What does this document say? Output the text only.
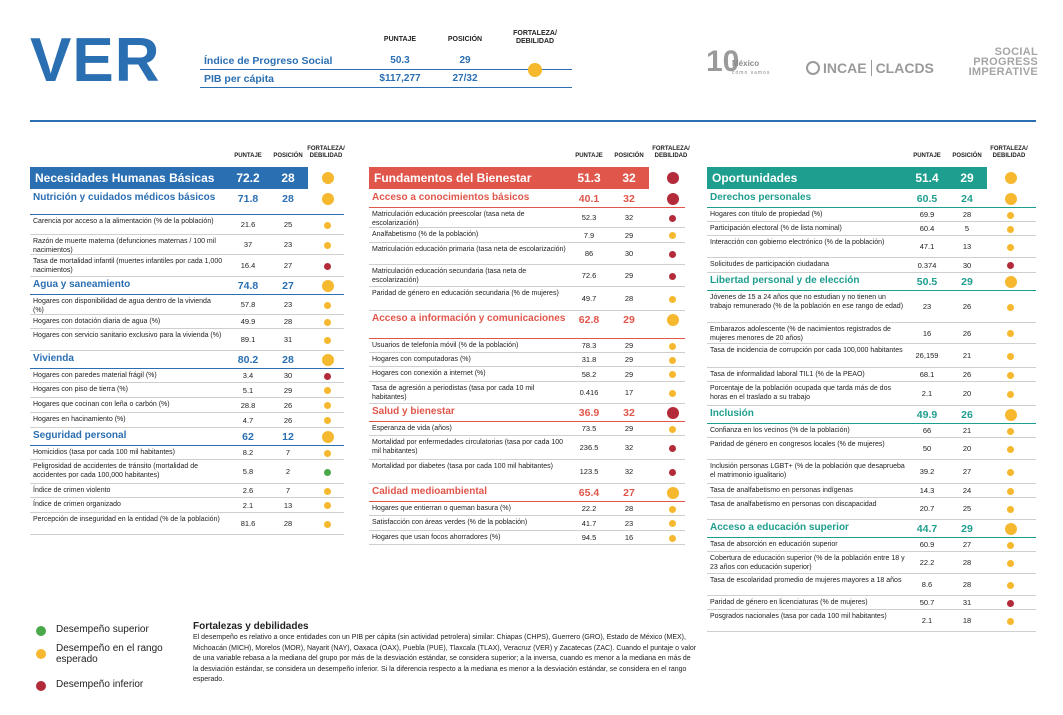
VER	PUNTAJE	POSICIÓN
FORTALEZA/ DEBILIDAD
Índice de Progreso Social	50.3	29
PIB per cápita	$117,277	27/32
10
México
cómo vamos	INCAE CLACDS
SOCIAL
PROGRESS
IMPERATIVE
PUNTAJE	POSICIÓN
FORTALEZA/ DEBILIDAD
Necesidades Humanas Básicas	72.2	28
Nutrición y cuidados médicos básicos	71.8	28
Carencia por acceso a la alimentación (% de la población)	21.6	25
Razón de muerte materna (defunciones maternas / 100 mil nacimientos)
37	23
Tasa de mortalidad infantil (muertes infantiles por cada 1,000 nacimientos)
16.4	27
Agua y saneamiento	74.8	27
Hogares con disponibilidad de agua dentro de la vivienda (%)
57.8	23
Hogares con dotación diaria de agua (%)	49.9	28
Hogares con servicio sanitario exclusivo para la vivienda (%)	89.1	31
Vivienda	80.2	28
Hogares con paredes material frágil (%)	3.4	30
Hogares con piso de tierra (%)	5.1	29
Hogares que cocinan con leña o carbón (%)	28.8	26
Hogares en hacinamiento (%)	4.7	26
Seguridad personal	62	12
Homicidios (tasa por cada 100 mil habitantes)	8.2	7
Peligrosidad de accidentes de tránsito (mortalidad de accidentes por cada 100,000 habitantes)	5.8	2
Índice de crimen violento	2.6	7
Índice de crimen organizado	2.1	13
Percepción de inseguridad en la entidad (% de la población)	81.6	28
PUNTAJE	POSICIÓN
FORTALEZA/ DEBILIDAD
Fundamentos del Bienestar	51.3	32
Acceso a conocimientos básicos	40.1	32
Matriculación educación preescolar (tasa neta de escolarización)
52.3	32
Analfabetismo (% de la población)	7.9	29
Matriculación educación primaria (tasa neta de escolarización)	86	30
Matriculación educación secundaria (tasa neta de escolarización)
72.6	29
Paridad de género en educación secundaria (% de mujeres)
49.7	28
Acceso a información y comunicaciones	62.8	29
Usuarios de telefonía móvil (% de la población)	78.3	29
Hogares con computadoras (%)	31.8	29
Hogares con conexión a internet (%)	58.2	29
Tasa de agresión a periodistas (tasa por cada 10 mil habitantes)
0.416	17
Salud y bienestar	36.9	32
Esperanza de vida (años)	73.5	29
Mortalidad por enfermedades circulatorias (tasa por cada 100 mil habitantes)	236.5	32
Mortalidad por diabetes (tasa por cada 100 mil habitantes)
123.5	32
Calidad medioambiental	65.4	27
Hogares que entierran o queman basura (%)	22.2	28
Satisfacción con áreas verdes (% de la población)	41.7	23
Hogares que usan focos ahorradores (%)	94.5	16
PUNTAJE	POSICIÓN
FORTALEZA/ DEBILIDAD
Oportunidades	51.4	29
Derechos personales	60.5	24
Hogares con título de propiedad (%)	69.9	28
Participación electoral (% de lista nominal)	60.4	5
Interacción con gobierno electrónico (% de la población)	47.1	13
Solicitudes de participación ciudadana	0.374	30
Libertad personal y de elección	50.5	29
Jóvenes de 15 a 24 años que no estudian y no tienen un trabajo remunerado (% de la población en ese rango de edad)	23	26
Embarazos adolescente (% de nacimientos registrados de mujeres menores de 20 años)
16	26
Tasa de incidencia de corrupción por cada 100,000 habitantes
26,159	21
Tasa de informalidad laboral TIL1 (% de la PEAO)	68.1	26
Porcentaje de la población ocupada que tarda más de dos horas en el traslado a su trabajo	2.1	20
Inclusión	49.9	26
Confianza en los vecinos (% de la población)	66	21
Paridad de género en congresos locales (% de mujeres)	50	20
Inclusión personas LGBT+ (% de la población que desaprueba el matrimonio igualitario)	39.2	27
Tasa de analfabetismo en personas indígenas	14.3	24
Tasa de analfabetismo en personas con discapacidad	20.7	25
Acceso a educación superior	44.7	29
Tasa de absorción en educación superior	60.9	27
Cobertura de educación superior (% de la población entre 18 y 23 años con educación superior)
22.2	28
Tasa de escolaridad promedio de mujeres mayores a 18 años	8.6	28
Paridad de género en licenciaturas (% de mujeres)	50.7	31
Posgrados nacionales (tasa por cada 100 mil habitantes)	2.1	18
Desempeño superior
Desempeño en el rango esperado
Desempeño inferior
Fortalezas y debilidades
El desempeño es relativo a once entidades con un PIB per cápita (sin actividad petrolera) similar: Chiapas (CHPS), Guerrero (GRO), Estado de México (MEX), Michoacán (MICH), Morelos (MOR), Nayarit (NAY), Oaxaca (OAX), Puebla (PUE), Tlaxcala (TLAX), Veracruz (VER) y Zacatecas (ZAC). Cuando el puntaje o valor de una variable rebasa a la mediana del grupo por más de la desviación estándar, se considera superior; a la inversa, cuando es menor a la mediana en más de la desviación estándar, se considera un desempeño inferior. Si la diferencia respecto a la mediana es menor a la desviación estándar, se considera en el rango esperado.
